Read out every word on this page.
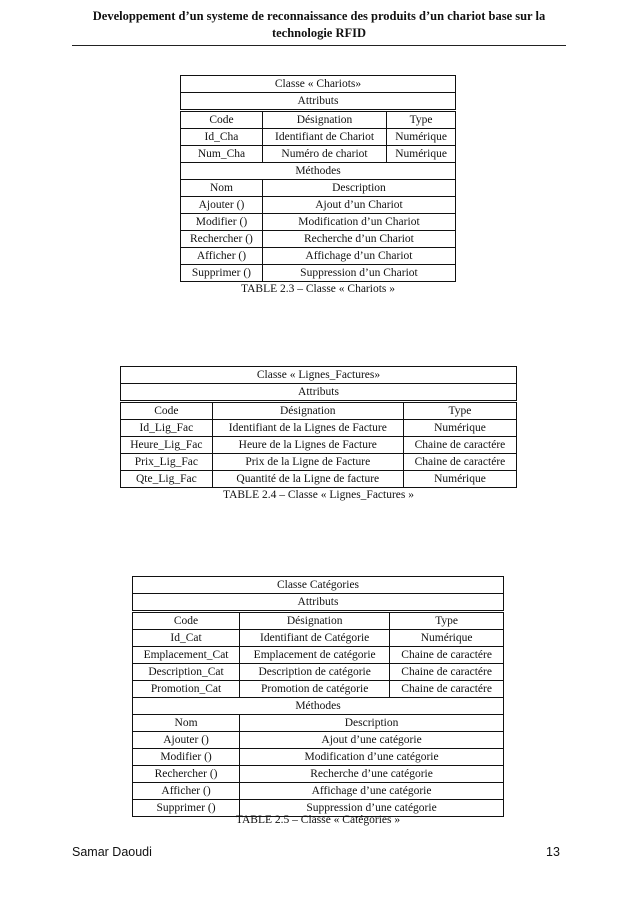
Developpement d’un systeme de reconnaissance des produits d’un chariot base sur la
technologie RFID
Classe « Chariots»		
Attributs		
Code	Désignation	Type
Id_Cha	Identifiant de Chariot	Numérique
Num_Cha	Numéro de chariot	Numérique
Méthodes		
Nom	Description	
Ajouter ()	Ajout d’un Chariot	
Modifier ()	Modification d’un Chariot	
Rechercher ()	Recherche d’un Chariot	
Afficher ()	Affichage d’un Chariot	
Supprimer ()	Suppression d’un Chariot	
TABLE 2.3 – Classe « Chariots »
Classe « Lignes_Factures»		
Attributs		
Code	Désignation	Type
Id_Lig_Fac	Identifiant de la Lignes de Facture	Numérique
Heure_Lig_Fac	Heure de la Lignes de Facture	Chaine de caractére
Prix_Lig_Fac	Prix de la Ligne de Facture	Chaine de caractére
Qte_Lig_Fac	Quantité de la Ligne de facture	Numérique
TABLE 2.4 – Classe « Lignes_Factures »
Classe Catégories		
Attributs		
Code	Désignation	Type
Id_Cat	Identifiant de Catégorie	Numérique
Emplacement_Cat	Emplacement de catégorie	Chaine de caractére
Description_Cat	Description de catégorie	Chaine de caractére
Promotion_Cat	Promotion de catégorie	Chaine de caractére
Méthodes		
Nom	Description	
Ajouter ()	Ajout d’une catégorie	
Modifier ()	Modification d’une catégorie	
Rechercher ()	Recherche d’une catégorie	
Afficher ()	Affichage d’une catégorie	
Supprimer ()	Suppression d’une catégorie	
TABLE 2.5 – Classe « Catégories »
Samar Daoudi	13
